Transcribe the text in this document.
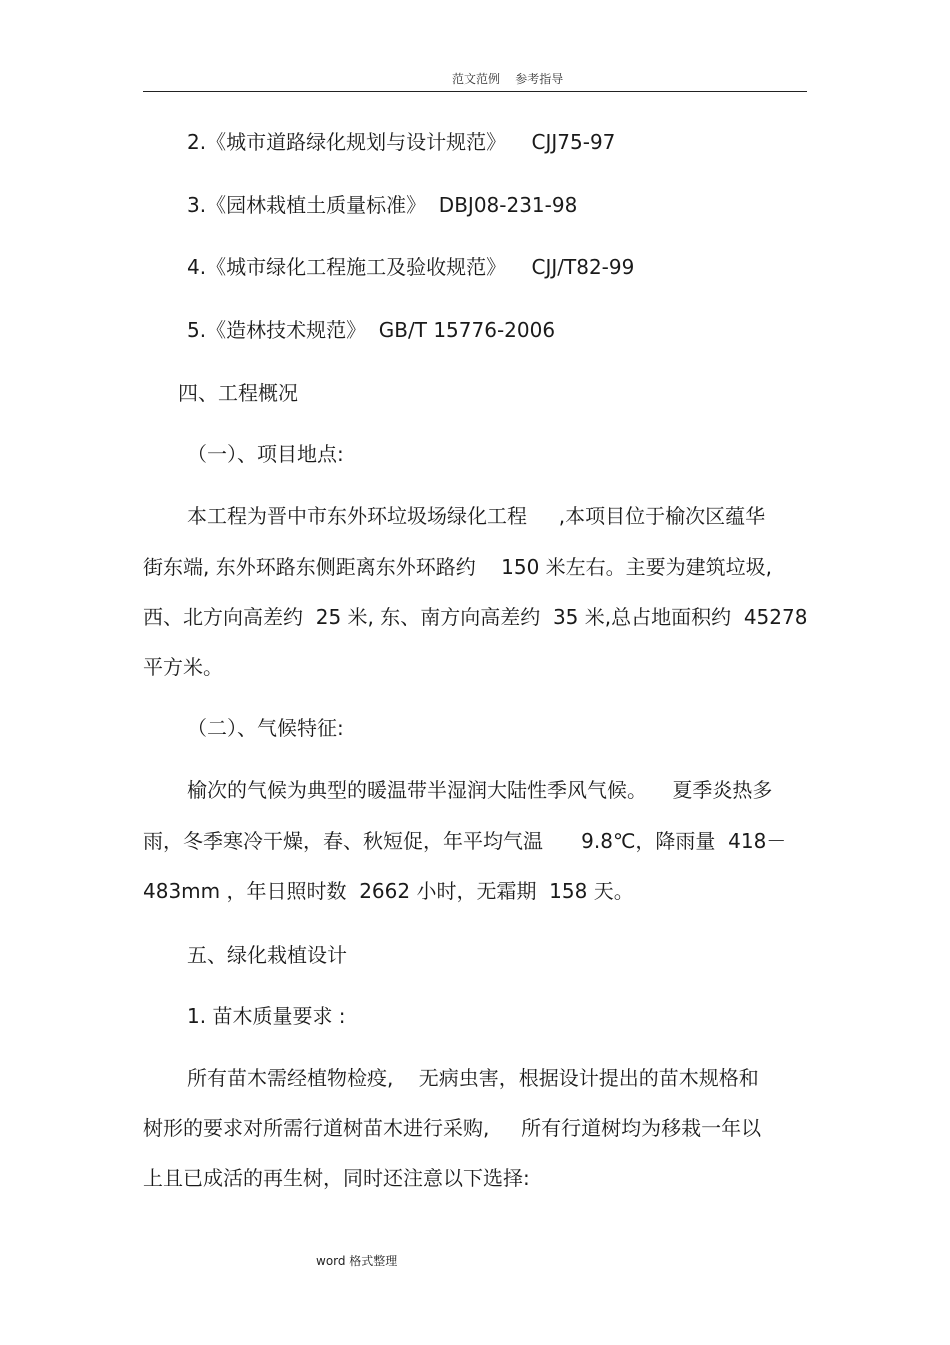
范文范例    参考指导
2.《城市道路绿化规划与设计规范》    CJJ75-97
3.《园林栽植土质量标准》  DBJ08-231-98
4.《城市绿化工程施工及验收规范》    CJJ/T82-99
5.《造林技术规范》  GB/T 15776-2006
四、工程概况
（一）、项目地点:
本工程为晋中市东外环垃圾场绿化工程     ,本项目位于榆次区蕴华
街东端, 东外环路东侧距离东外环路约    150 米左右。主要为建筑垃圾,
西、北方向高差约  25 米, 东、南方向高差约  35 米,总占地面积约  45278
平方米。
（二）、气候特征:
榆次的气候为典型的暖温带半湿润大陆性季风气候。    夏季炎热多
雨，冬季寒冷干燥，春、秋短促，年平均气温      9.8℃，降雨量  418－
483mm ，年日照时数  2662 小时，无霜期  158 天。
五、绿化栽植设计
1. 苗木质量要求 :
所有苗木需经植物检疫,    无病虫害，根据设计提出的苗木规格和
树形的要求对所需行道树苗木进行采购,     所有行道树均为移栽一年以
上且已成活的再生树，同时还注意以下选择:
word 格式整理
